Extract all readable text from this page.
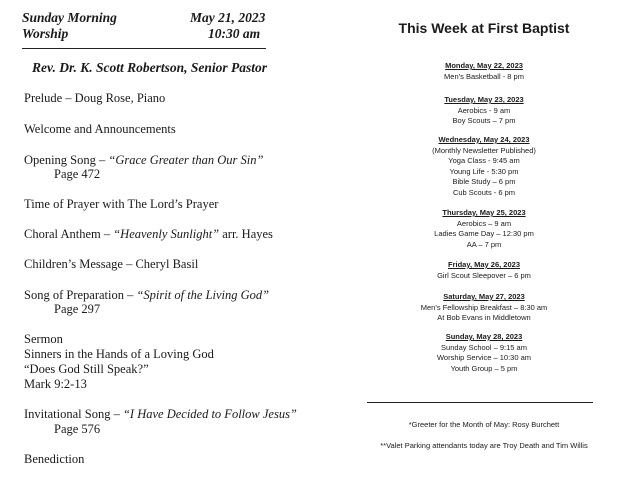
Sunday Morning
Worship
May 21, 2023
10:30 am
Rev. Dr. K. Scott Robertson, Senior Pastor
Prelude – Doug Rose, Piano
Welcome and Announcements
Opening Song – “Grace Greater than Our Sin”
Page 472
Time of Prayer with The Lord’s Prayer
Choral Anthem – “Heavenly Sunlight” arr. Hayes
Children’s Message – Cheryl Basil
Song of Preparation – “Spirit of the Living God”
Page 297
Sermon
Sinners in the Hands of a Loving God
“Does God Still Speak?”
Mark 9:2-13
Invitational Song – “I Have Decided to Follow Jesus”
Page 576
Benediction
This Week at First Baptist
Monday, May 22, 2023
Men’s Basketball - 8 pm
Tuesday, May 23, 2023
Aerobics - 9 am
Boy Scouts – 7 pm
Wednesday, May 24, 2023
(Monthly Newsletter Published)
Yoga Class - 9:45 am
Young Life - 5:30 pm
Bible Study – 6 pm
Cub Scouts - 6 pm
Thursday, May 25, 2023
Aerobics – 9 am
Ladies Game Day – 12:30 pm
AA – 7 pm
Friday, May 26, 2023
Girl Scout Sleepover – 6 pm
Saturday, May 27, 2023
Men’s Fellowship Breakfast – 8:30 am
At Bob Evans in Middletown
Sunday, May 28, 2023
Sunday School – 9:15 am
Worship Service – 10:30 am
Youth Group – 5 pm
*Greeter for the Month of May: Rosy Burchett
**Valet Parking attendants today are Troy Death and Tim Willis
